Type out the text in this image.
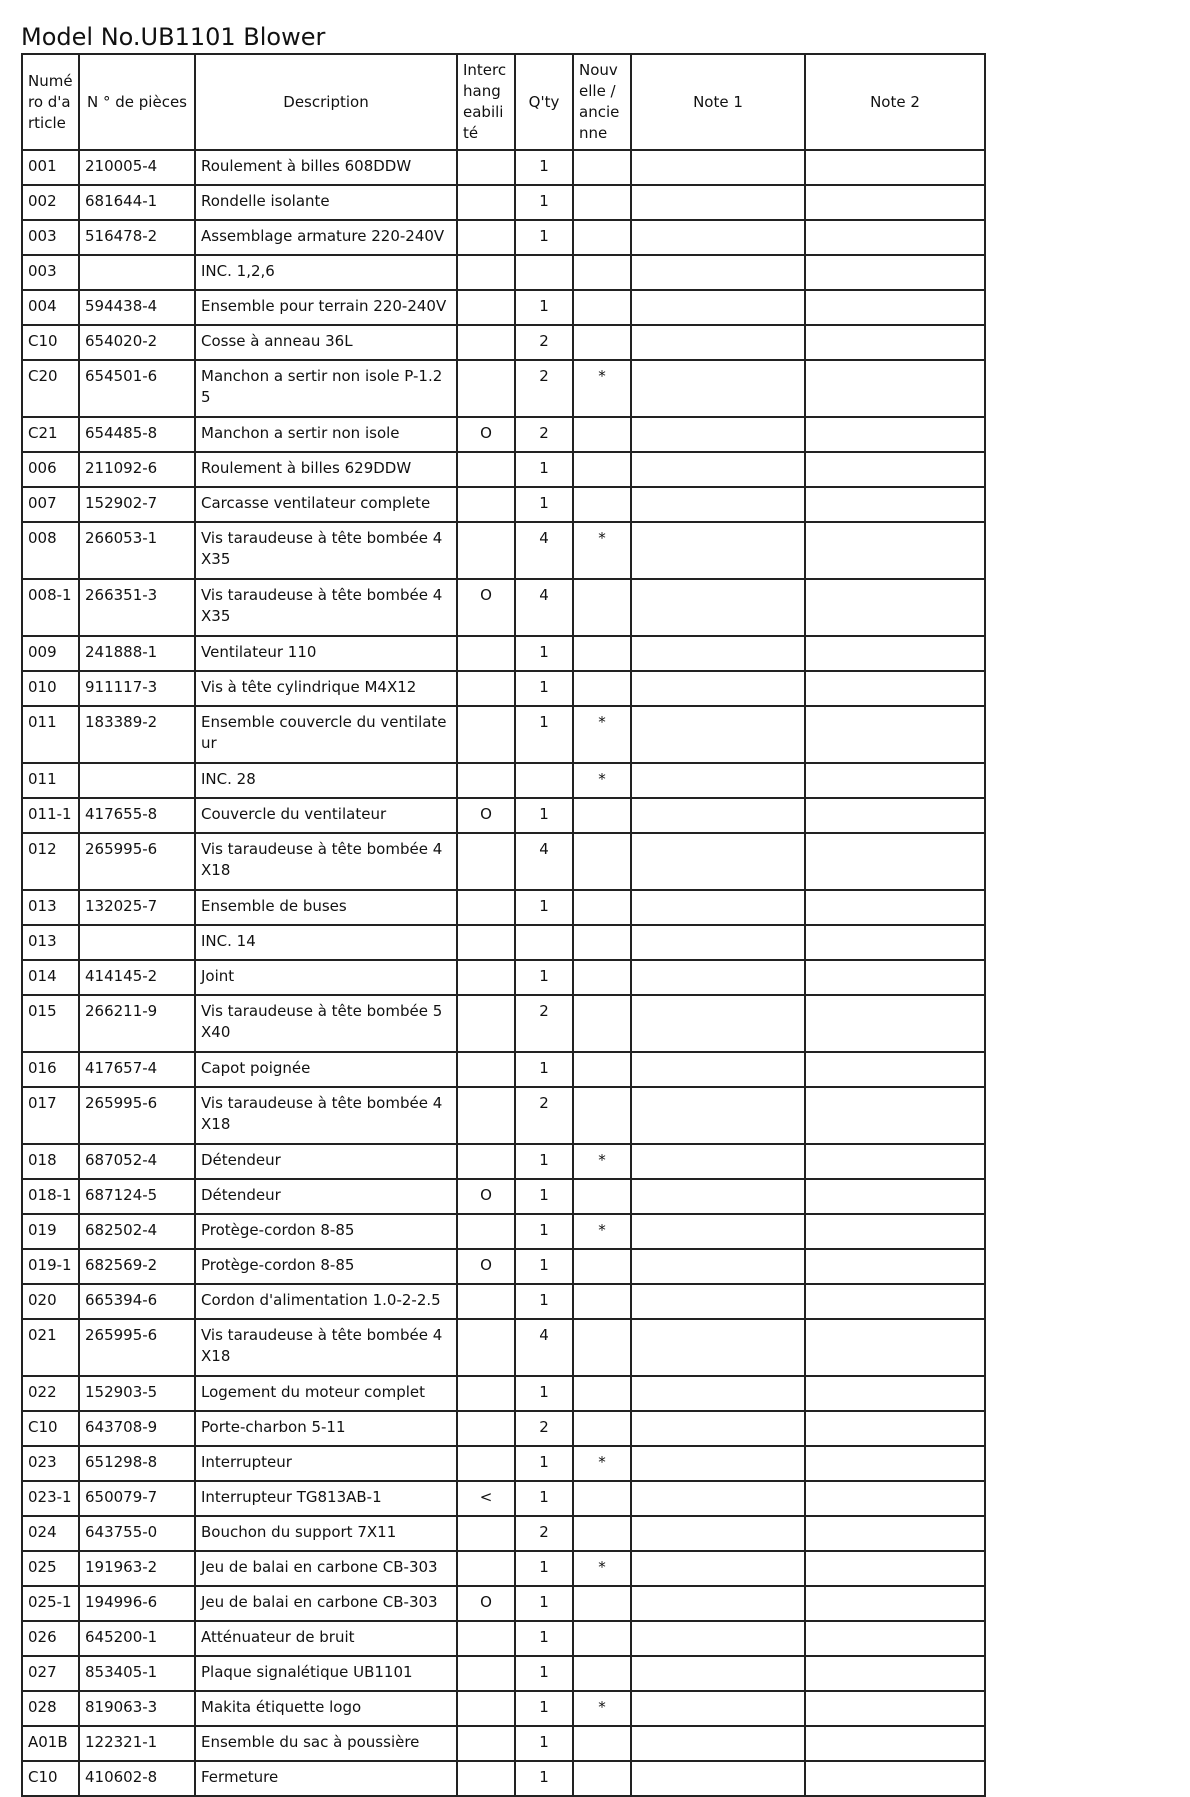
Model No.UB1101 Blower
Numéro d'article	N ° de pièces	Description	Interchangeabilité	Q'ty	Nouvelle / ancienne	Note 1	Note 2
001	210005-4	Roulement à billes 608DDW		1			
002	681644-1	Rondelle isolante		1			
003	516478-2	Assemblage armature 220-240V		1			
003		INC. 1,2,6					

004	594438-4	Ensemble pour terrain 220-240V		1			
C10	654020-2	Cosse à anneau 36L		2			
C20	654501-6	Manchon a sertir non isole P-1.25		2	*		
C21	654485-8	Manchon a sertir non isole	O	2			
006	211092-6	Roulement à billes 629DDW		1			
007	152902-7	Carcasse ventilateur complete		1			
008	266053-1	Vis taraudeuse à tête bombée 4X35		4	*		
008-1	266351-3	Vis taraudeuse à tête bombée 4X35	O	4			
009	241888-1	Ventilateur 110		1			
010	911117-3	Vis à tête cylindrique M4X12		1			
011	183389-2	Ensemble couvercle du ventilateur		1	*		
011		INC. 28			*		
011-1	417655-8	Couvercle du ventilateur	O	1			
012	265995-6	Vis taraudeuse à tête bombée 4X18		4			
013	132025-7	Ensemble de buses		1			
013		INC. 14					

014	414145-2	Joint		1			
015	266211-9	Vis taraudeuse à tête bombée 5X40		2			
016	417657-4	Capot poignée		1			
017	265995-6	Vis taraudeuse à tête bombée 4X18		2			
018	687052-4	Détendeur		1	*		
018-1	687124-5	Détendeur	O	1			
019	682502-4	Protège-cordon 8-85		1	*		
019-1	682569-2	Protège-cordon 8-85	O	1			
020	665394-6	Cordon d'alimentation 1.0-2-2.5		1			
021	265995-6	Vis taraudeuse à tête bombée 4X18		4			
022	152903-5	Logement du moteur complet		1			
C10	643708-9	Porte-charbon 5-11		2			
023	651298-8	Interrupteur		1	*		
023-1	650079-7	Interrupteur TG813AB-1	<	1			
024	643755-0	Bouchon du support 7X11		2			
025	191963-2	Jeu de balai en carbone CB-303		1	*		
025-1	194996-6	Jeu de balai en carbone CB-303	O	1			
026	645200-1	Atténuateur de bruit		1			
027	853405-1	Plaque signalétique UB1101		1			
028	819063-3	Makita étiquette logo		1	*		
A01B	122321-1	Ensemble du sac à poussière		1			
C10	410602-8	Fermeture		1			
